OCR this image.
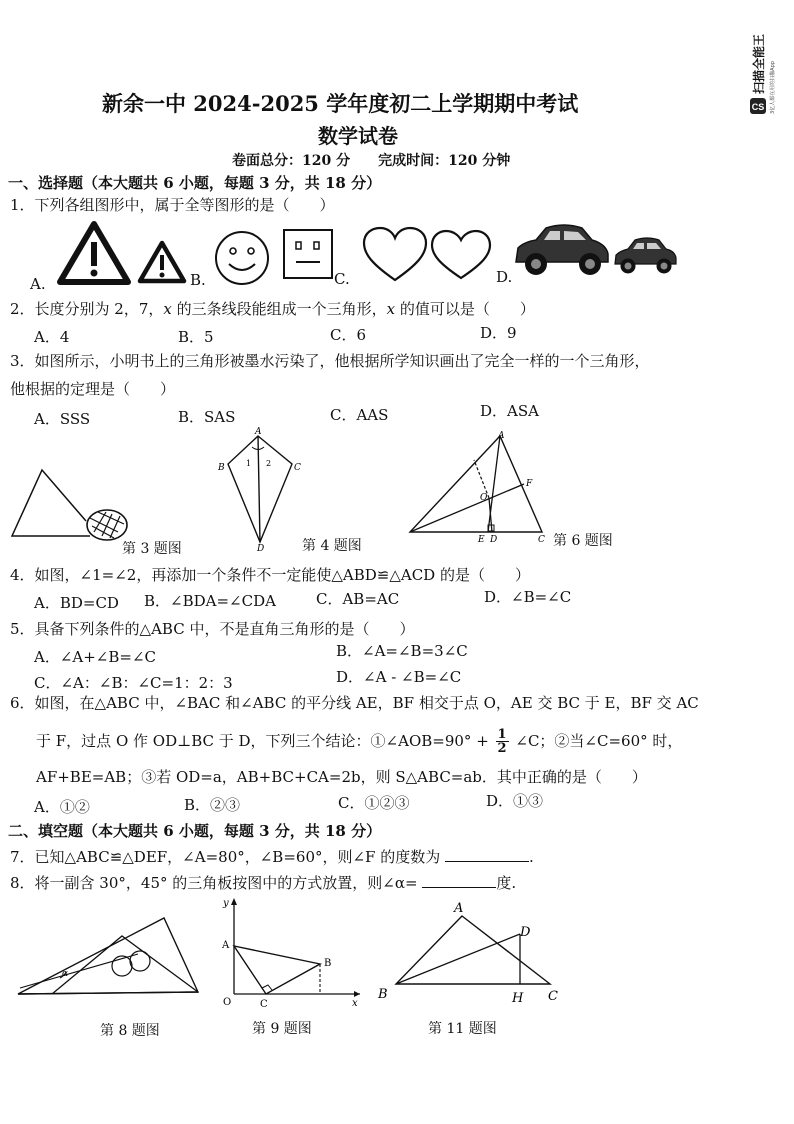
CS
扫描全能王 3亿人都在用的扫描App
新余一中 2024-2025 学年度初二上学期期中考试
数学试卷
卷面总分：120 分　　完成时间：120 分钟
一、选择题（本大题共 6 小题，每题 3 分，共 18 分）
1．下列各组图形中，属于全等图形的是（　　）
A.	B.	C.	D.
2．长度分别为 2，7，x 的三条线段能组成一个三角形，x 的值可以是（　　）
A．4	B．5	C．6	D．9
3．如图所示，小明书上的三角形被墨水污染了，他根据所学知识画出了完全一样的一个三角形，
他根据的定理是（　　）
A．SSS	B．SAS	C．AAS	D．ASA
第 3 题图
A
B	C
D
1 2
第 4 题图
A
F
O
E D	C 第 6 题图
4．如图，∠1=∠2，再添加一个条件不一定能使△ABD≌△ACD 的是（　　）
A．BD=CD B．∠BDA=∠CDA	C．AB=AC	D．∠B=∠C
5．具备下列条件的△ABC 中，不是直角三角形的是（　　）
A．∠A+∠B=∠C	B．∠A=∠B=3∠C
C．∠A：∠B：∠C=1：2：3	D．∠A - ∠B=∠C
6．如图，在△ABC 中，∠BAC 和∠ABC 的平分线 AE，BF 相交于点 O，AE 交 BC 于 E，BF 交 AC
于 F，过点 O 作 OD⊥BC 于 D，下列三个结论：①∠AOB=90° + $\frac{1}{2}$ ∠C；②当∠C=60° 时，
AF+BE=AB；③若 OD=a，AB+BC+CA=2b，则 S△ABC=ab．其中正确的是（　　）
A．①②	B．②③	C．①②③	D．①③
二、填空题（本大题共 6 小题，每题 3 分，共 18 分）
7．已知△ABC≌△DEF，∠A=80°，∠B=60°，则∠F 的度数为	.
8．将一副含 30°，45° 的三角板按图中的方式放置，则∠α=	度.
α
第 8 题图
y
A
B
C
O	x
第 9 题图
A
D
B	H C
第 11 题图
